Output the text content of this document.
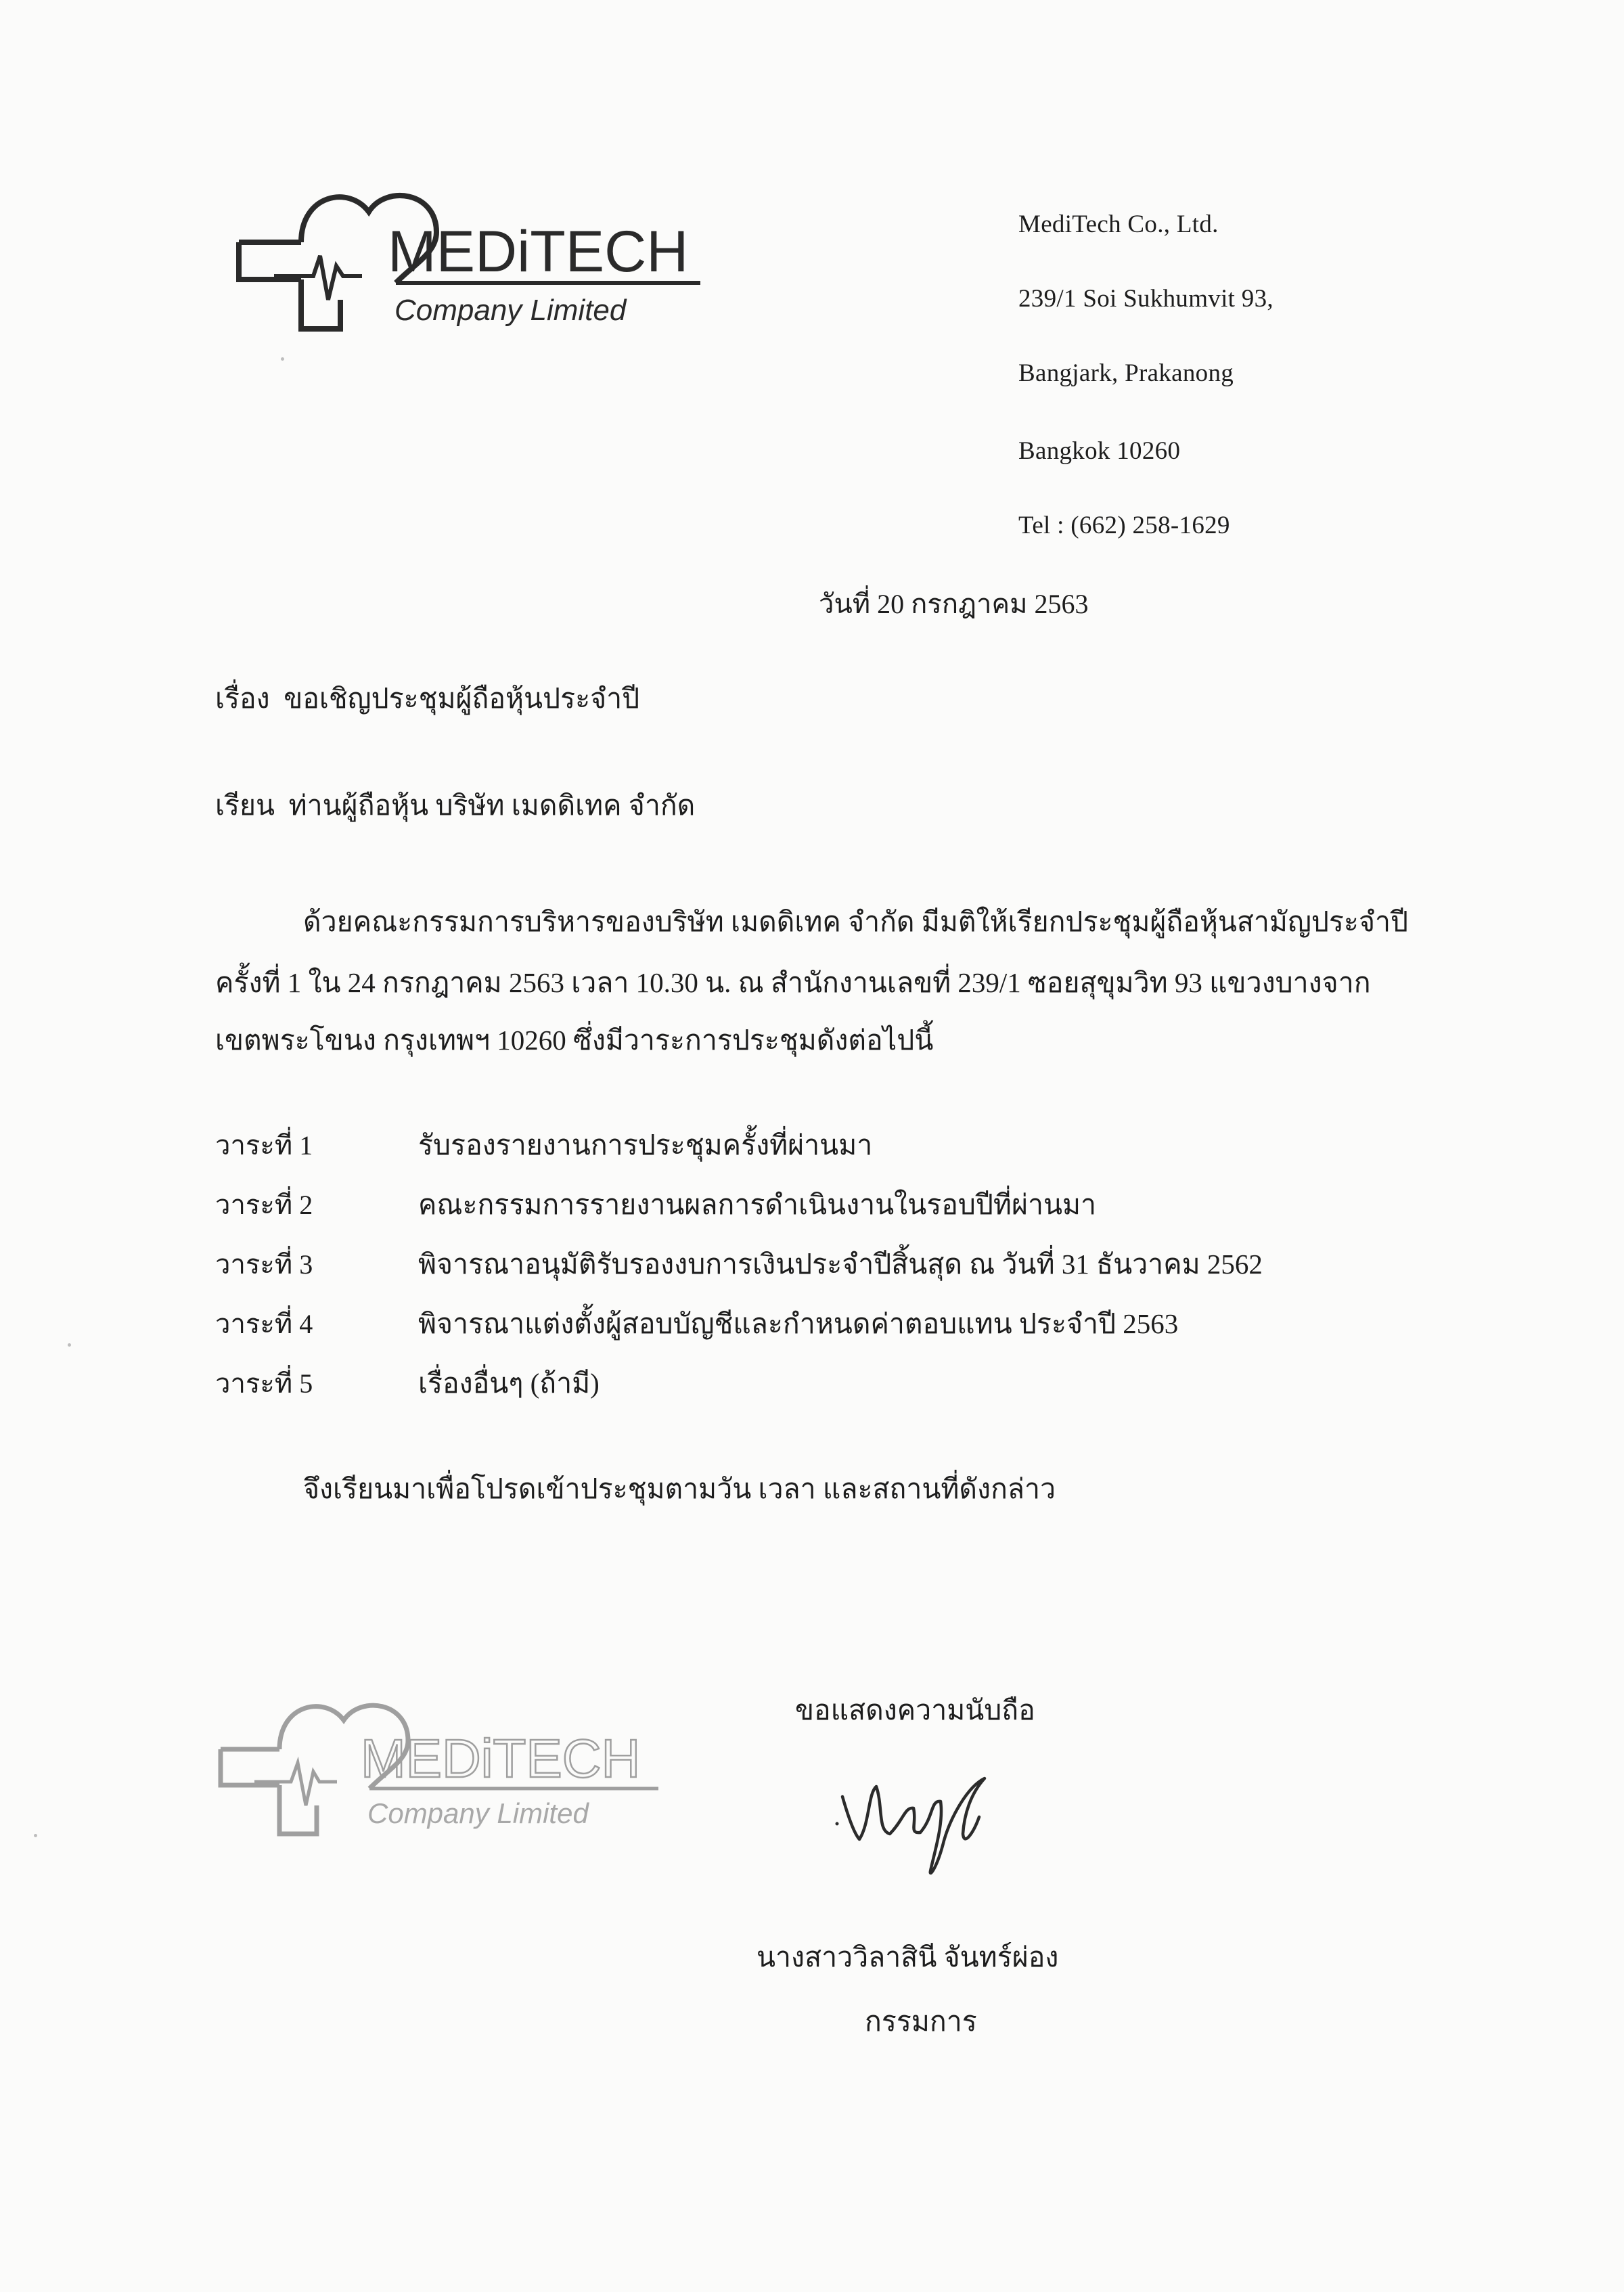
MEDiTECH
Company Limited
MediTech Co., Ltd.
239/1 Soi Sukhumvit 93,
Bangjark, Prakanong
Bangkok 10260
Tel : (662) 258-1629
วันที่ 20 กรกฎาคม 2563
เรื่อง ขอเชิญประชุมผู้ถือหุ้นประจำปี
เรียน ท่านผู้ถือหุ้น บริษัท เมดดิเทค จำกัด
ด้วยคณะกรรมการบริหารของบริษัท เมดดิเทค จำกัด มีมติให้เรียกประชุมผู้ถือหุ้นสามัญประจำปี
ครั้งที่ 1 ใน 24 กรกฎาคม 2563 เวลา 10.30 น. ณ สำนักงานเลขที่ 239/1 ซอยสุขุมวิท 93 แขวงบางจาก
เขตพระโขนง กรุงเทพฯ 10260 ซึ่งมีวาระการประชุมดังต่อไปนี้
วาระที่ 1	รับรองรายงานการประชุมครั้งที่ผ่านมา
วาระที่ 2	คณะกรรมการรายงานผลการดำเนินงานในรอบปีที่ผ่านมา
วาระที่ 3	พิจารณาอนุมัติรับรองงบการเงินประจำปีสิ้นสุด ณ วันที่ 31 ธันวาคม 2562
วาระที่ 4	พิจารณาแต่งตั้งผู้สอบบัญชีและกำหนดค่าตอบแทน ประจำปี 2563
วาระที่ 5	เรื่องอื่นๆ (ถ้ามี)
จึงเรียนมาเพื่อโปรดเข้าประชุมตามวัน เวลา และสถานที่ดังกล่าว
ขอแสดงความนับถือ
MEDiTECH
Company Limited
นางสาววิลาสินี จันทร์ผ่อง
กรรมการ
